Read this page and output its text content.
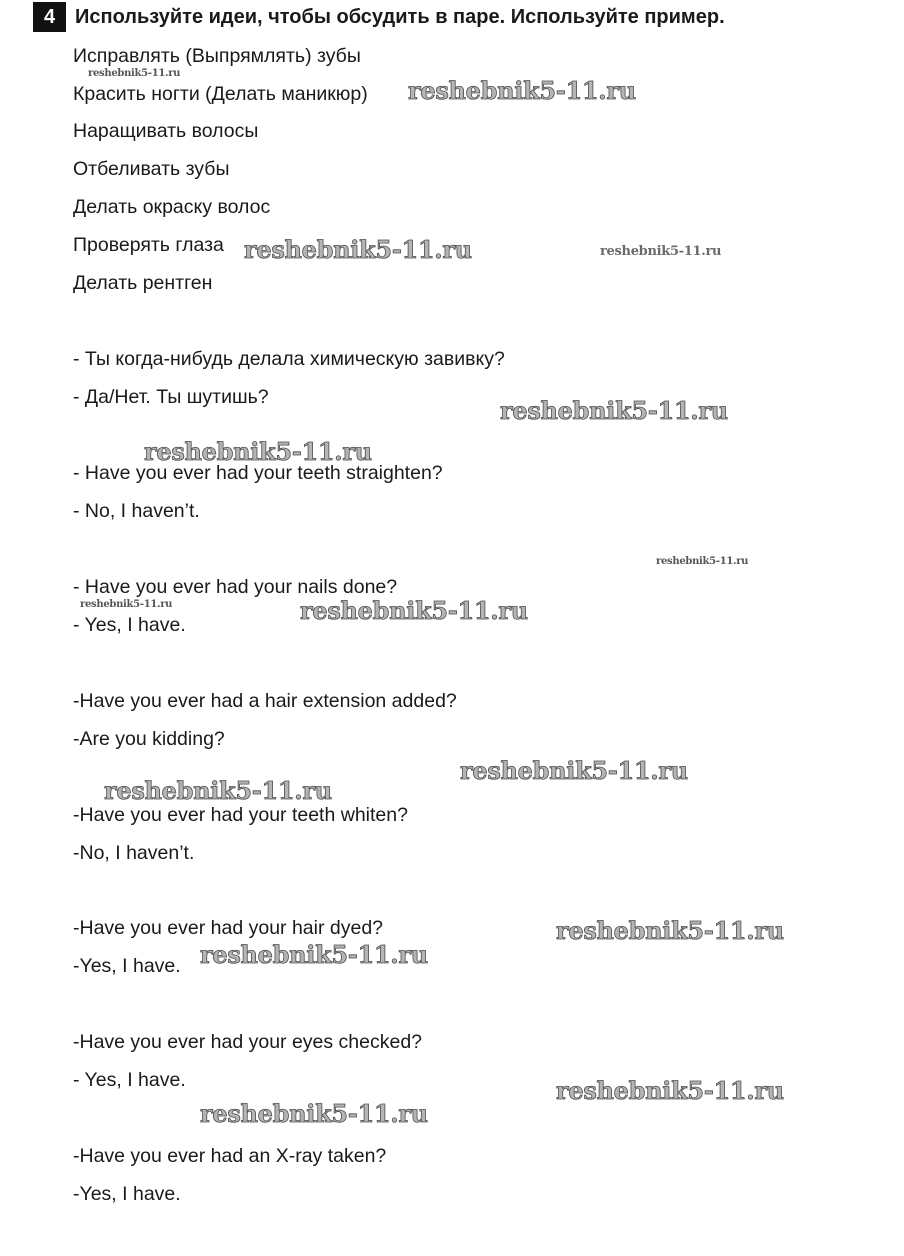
4 Используйте идеи, чтобы обсудить в паре. Используйте пример.
Исправлять (Выпрямлять) зубы
Красить ногти (Делать маникюр)
Наращивать волосы
Отбеливать зубы
Делать окраску волос
Проверять глаза
Делать рентген
- Ты когда-нибудь делала химическую завивку?
- Да/Нет. Ты шутишь?
- Have you ever had your teeth straighten?
- No, I haven’t.
- Have you ever had your nails done?
- Yes, I have.
-Have you ever had a hair extension added?
-Are you kidding?
-Have you ever had your teeth whiten?
-No, I haven’t.
-Have you ever had your hair dyed?
-Yes, I have.
-Have you ever had your eyes checked?
- Yes, I have.
-Have you ever had an X-ray taken?
-Yes, I have.
reshebnik5-11.ru
reshebnik5-11.ru
reshebnik5-11.ru	reshebnik5-11.ru
reshebnik5-11.ru
reshebnik5-11.ru
reshebnik5-11.ru
reshebnik5-11.ru	reshebnik5-11.ru
reshebnik5-11.ru
reshebnik5-11.ru
reshebnik5-11.ru
reshebnik5-11.ru
reshebnik5-11.ru
reshebnik5-11.ru
